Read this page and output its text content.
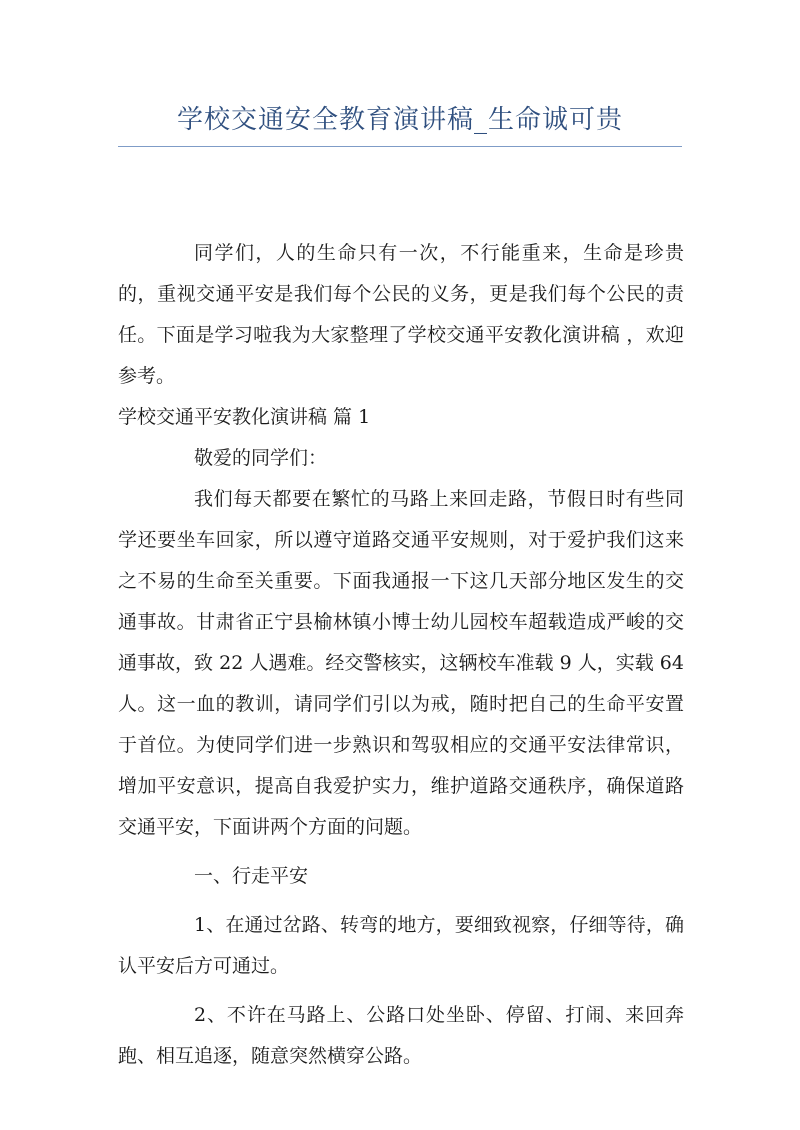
学校交通安全教育演讲稿_生命诚可贵

同学们，人的生命只有一次，不行能重来，生命是珍贵的，重视交通平安是我们每个公民的义务，更是我们每个公民的责任。下面是学习啦我为大家整理了学校交通平安教化演讲稿 ，欢迎参考。

学校交通平安教化演讲稿 篇 1

敬爱的同学们：

我们每天都要在繁忙的马路上来回走路，节假日时有些同学还要坐车回家，所以遵守道路交通平安规则，对于爱护我们这来之不易的生命至关重要。下面我通报一下这几天部分地区发生的交通事故。甘肃省正宁县榆林镇小博士幼儿园校车超载造成严峻的交通事故，致 22 人遇难。经交警核实，这辆校车准载 9 人，实载 64 人。这一血的教训，请同学们引以为戒，随时把自己的生命平安置于首位。为使同学们进一步熟识和驾驭相应的交通平安法律常识，增加平安意识，提高自我爱护实力，维护道路交通秩序，确保道路交通平安，下面讲两个方面的问题。

一、行走平安

1、在通过岔路、转弯的地方，要细致视察，仔细等待，确认平安后方可通过。

2、不许在马路上、公路口处坐卧、停留、打闹、来回奔跑、相互追逐，随意突然横穿公路。
